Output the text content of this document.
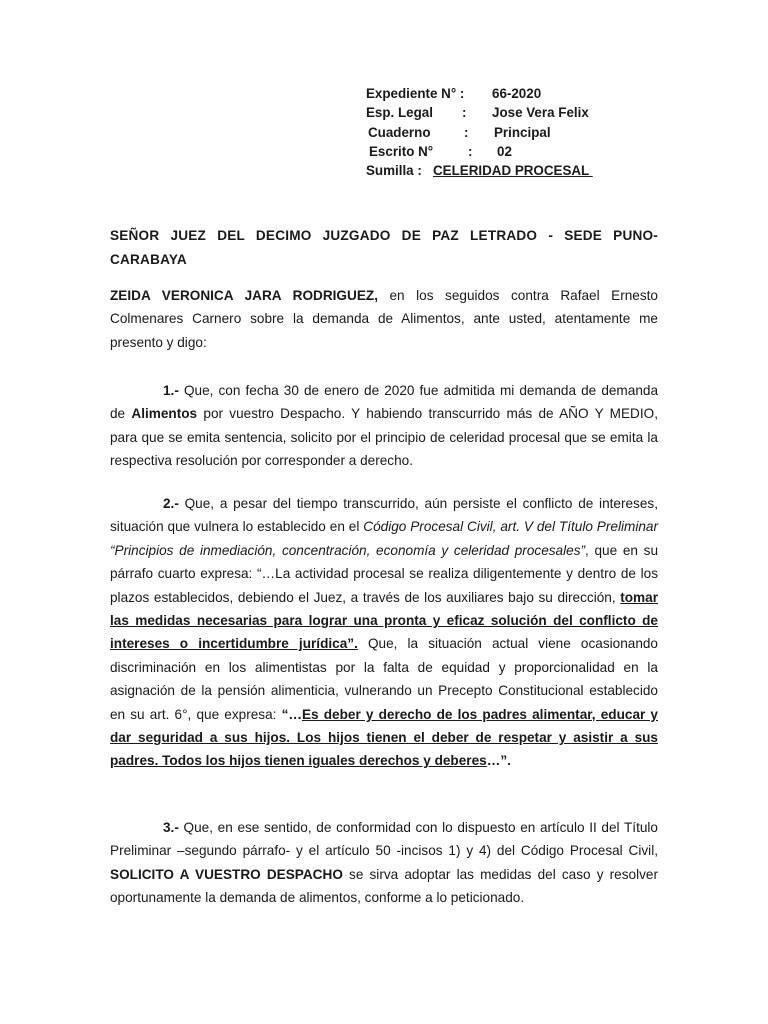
Expediente N° : 66-2020
Esp. Legal : Jose Vera Felix
Cuaderno	: Principal
Escrito N°	: 02
Sumilla : CELERIDAD PROCESAL
SEÑOR JUEZ DEL DECIMO JUZGADO DE PAZ LETRADO - SEDE PUNO-CARABAYA
ZEIDA VERONICA JARA RODRIGUEZ, en los seguidos contra Rafael Ernesto Colmenares Carnero sobre la demanda de Alimentos, ante usted, atentamente me presento y digo:
1.- Que, con fecha 30 de enero de 2020 fue admitida mi demanda de demanda de Alimentos por vuestro Despacho. Y habiendo transcurrido más de AÑO Y MEDIO, para que se emita sentencia, solicito por el principio de celeridad procesal que se emita la respectiva resolución por corresponder a derecho.
2.- Que, a pesar del tiempo transcurrido, aún persiste el conflicto de intereses, situación que vulnera lo establecido en el Código Procesal Civil, art. V del Título Preliminar “Principios de inmediación, concentración, economía y celeridad procesales”, que en su párrafo cuarto expresa: “…La actividad procesal se realiza diligentemente y dentro de los plazos establecidos, debiendo el Juez, a través de los auxiliares bajo su dirección, tomar las medidas necesarias para lograr una pronta y eficaz solución del conflicto de intereses o incertidumbre jurídica”. Que, la situación actual viene ocasionando discriminación en los alimentistas por la falta de equidad y proporcionalidad en la asignación de la pensión alimenticia, vulnerando un Precepto Constitucional establecido en su art. 6°, que expresa: “…Es deber y derecho de los padres alimentar, educar y dar seguridad a sus hijos. Los hijos tienen el deber de respetar y asistir a sus padres. Todos los hijos tienen iguales derechos y deberes…”.
3.- Que, en ese sentido, de conformidad con lo dispuesto en artículo II del Título Preliminar –segundo párrafo- y el artículo 50 -incisos 1) y 4) del Código Procesal Civil, SOLICITO A VUESTRO DESPACHO se sirva adoptar las medidas del caso y resolver oportunamente la demanda de alimentos, conforme a lo peticionado.
